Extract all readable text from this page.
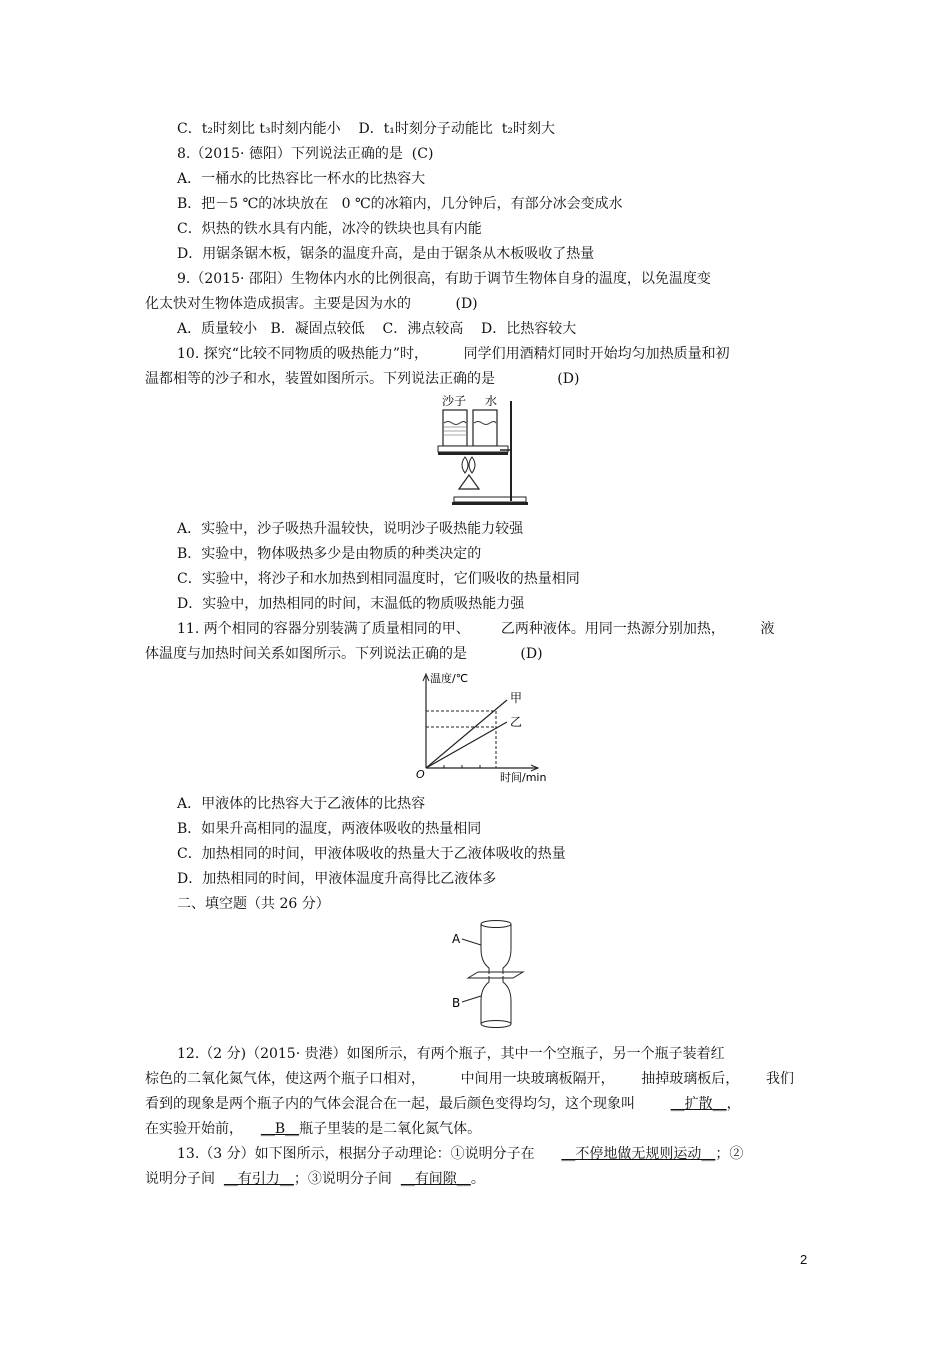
C．t₂时刻比 t₃时刻内能小    D．t₁时刻分子动能比  t₂时刻大
8.（2015· 德阳）下列说法正确的是  (C)
A．一桶水的比热容比一杯水的比热容大
B．把－5 ℃的冰块放在   0 ℃的冰箱内，几分钟后，有部分冰会变成水
C．炽热的铁水具有内能，冰冷的铁块也具有内能
D．用锯条锯木板，锯条的温度升高，是由于锯条从木板吸收了热量
9.（2015· 邵阳）生物体内水的比例很高，有助于调节生物体自身的温度，以免温度变
化太快对生物体造成损害。主要是因为水的          (D)
A．质量较小   B．凝固点较低    C．沸点较高    D．比热容较大
10. 探究“比较不同物质的吸热能力”时，        同学们用酒精灯同时开始均匀加热质量和初
温都相等的沙子和水，装置如图所示。下列说法正确的是              (D)
沙子 水
A．实验中，沙子吸热升温较快，说明沙子吸热能力较强
B．实验中，物体吸热多少是由物质的种类决定的
C．实验中，将沙子和水加热到相同温度时，它们吸收的热量相同
D．实验中，加热相同的时间，末温低的物质吸热能力强
11. 两个相同的容器分别装满了质量相同的甲、       乙两种液体。用同一热源分别加热，        液
体温度与加热时间关系如图所示。下列说法正确的是            (D)
温度/℃
时间/min
O
甲
乙
A．甲液体的比热容大于乙液体的比热容
B．如果升高相同的温度，两液体吸收的热量相同
C．加热相同的时间，甲液体吸收的热量大于乙液体吸收的热量
D．加热相同的时间，甲液体温度升高得比乙液体多
二、填空题（共 26 分）
A
B
12.（2 分)（2015· 贵港）如图所示，有两个瓶子，其中一个空瓶子，另一个瓶子装着红
棕色的二氧化氮气体，使这两个瓶子口相对，        中间用一块玻璃板隔开，      抽掉玻璃板后，      我们
看到的现象是两个瓶子内的气体会混合在一起，最后颜色变得均匀，这个现象叫	__扩散__，
在实验开始前， __B__瓶子里装的是二氧化氮气体。
13.（3 分）如下图所示，根据分子动理论：①说明分子在 __不停地做无规则运动__；②
说明分子间 __有引力__；③说明分子间 __有间隙__。
2
